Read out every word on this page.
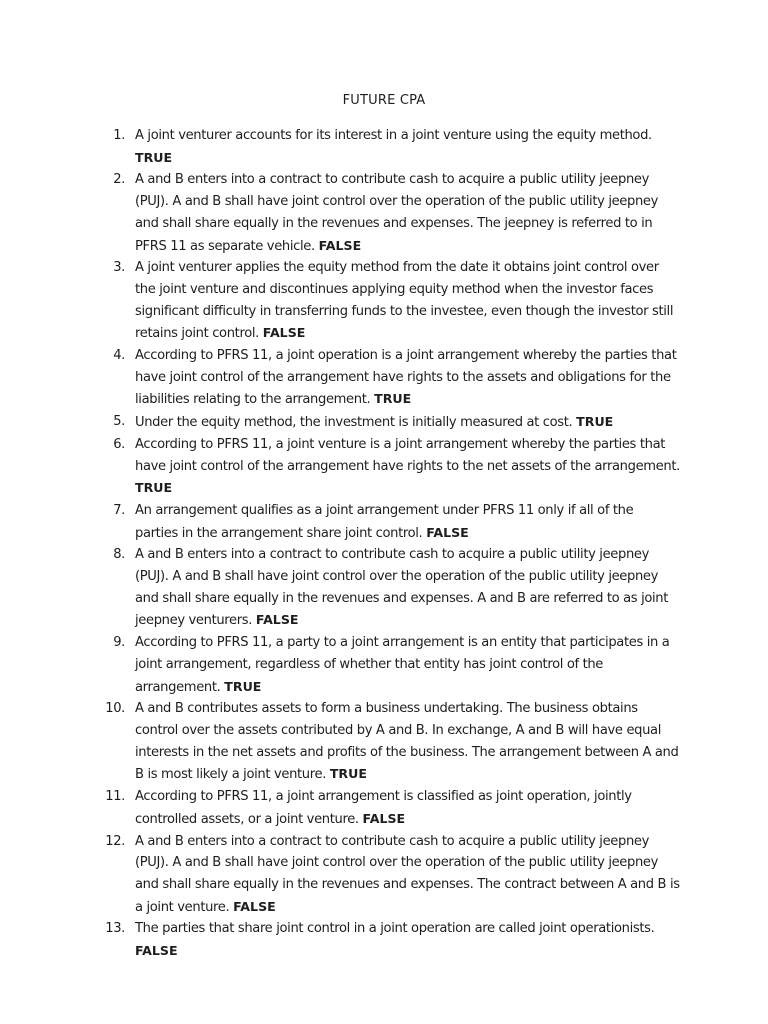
FUTURE CPA
1. A joint venturer accounts for its interest in a joint venture using the equity method. TRUE
2. A and B enters into a contract to contribute cash to acquire a public utility jeepney (PUJ). A and B shall have joint control over the operation of the public utility jeepney and shall share equally in the revenues and expenses. The jeepney is referred to in PFRS 11 as separate vehicle. FALSE
3. A joint venturer applies the equity method from the date it obtains joint control over the joint venture and discontinues applying equity method when the investor faces significant difficulty in transferring funds to the investee, even though the investor still retains joint control. FALSE
4. According to PFRS 11, a joint operation is a joint arrangement whereby the parties that have joint control of the arrangement have rights to the assets and obligations for the liabilities relating to the arrangement. TRUE
5. Under the equity method, the investment is initially measured at cost. TRUE
6. According to PFRS 11, a joint venture is a joint arrangement whereby the parties that have joint control of the arrangement have rights to the net assets of the arrangement. TRUE
7. An arrangement qualifies as a joint arrangement under PFRS 11 only if all of the parties in the arrangement share joint control. FALSE
8. A and B enters into a contract to contribute cash to acquire a public utility jeepney (PUJ). A and B shall have joint control over the operation of the public utility jeepney and shall share equally in the revenues and expenses. A and B are referred to as joint jeepney venturers. FALSE
9. According to PFRS 11, a party to a joint arrangement is an entity that participates in a joint arrangement, regardless of whether that entity has joint control of the arrangement. TRUE
10. A and B contributes assets to form a business undertaking. The business obtains control over the assets contributed by A and B. In exchange, A and B will have equal interests in the net assets and profits of the business. The arrangement between A and B is most likely a joint venture. TRUE
11. According to PFRS 11, a joint arrangement is classified as joint operation, jointly controlled assets, or a joint venture. FALSE
12. A and B enters into a contract to contribute cash to acquire a public utility jeepney (PUJ). A and B shall have joint control over the operation of the public utility jeepney and shall share equally in the revenues and expenses. The contract between A and B is a joint venture. FALSE
13. The parties that share joint control in a joint operation are called joint operationists. FALSE
